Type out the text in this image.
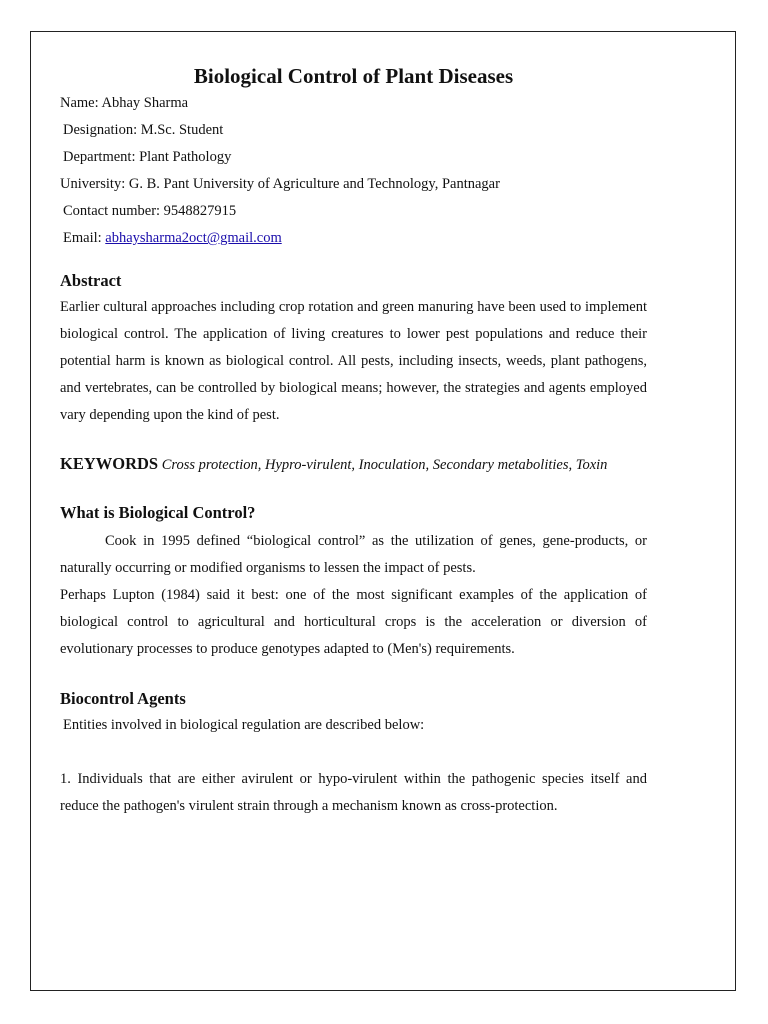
Biological Control of Plant Diseases
Name: Abhay Sharma
Designation: M.Sc. Student
Department: Plant Pathology
University: G. B. Pant University of Agriculture and Technology, Pantnagar
Contact number: 9548827915
Email: abhaysharma2oct@gmail.com
Abstract

Earlier cultural approaches including crop rotation and green manuring have been used to implement biological control. The application of living creatures to lower pest populations and reduce their potential harm is known as biological control. All pests, including insects, weeds, plant pathogens, and vertebrates, can be controlled by biological means; however, the strategies and agents employed vary depending upon the kind of pest.

KEYWORDS Cross protection, Hypro-virulent, Inoculation, Secondary metabolities, Toxin
What is Biological Control?

Cook in 1995 defined “biological control” as the utilization of genes, gene-products, or naturally occurring or modified organisms to lessen the impact of pests.

Perhaps Lupton (1984) said it best: one of the most significant examples of the application of biological control to agricultural and horticultural crops is the acceleration or diversion of evolutionary processes to produce genotypes adapted to (Men's) requirements.

Biocontrol Agents

Entities involved in biological regulation are described below:

1. Individuals that are either avirulent or hypo-virulent within the pathogenic species itself and reduce the pathogen's virulent strain through a mechanism known as cross-protection.
